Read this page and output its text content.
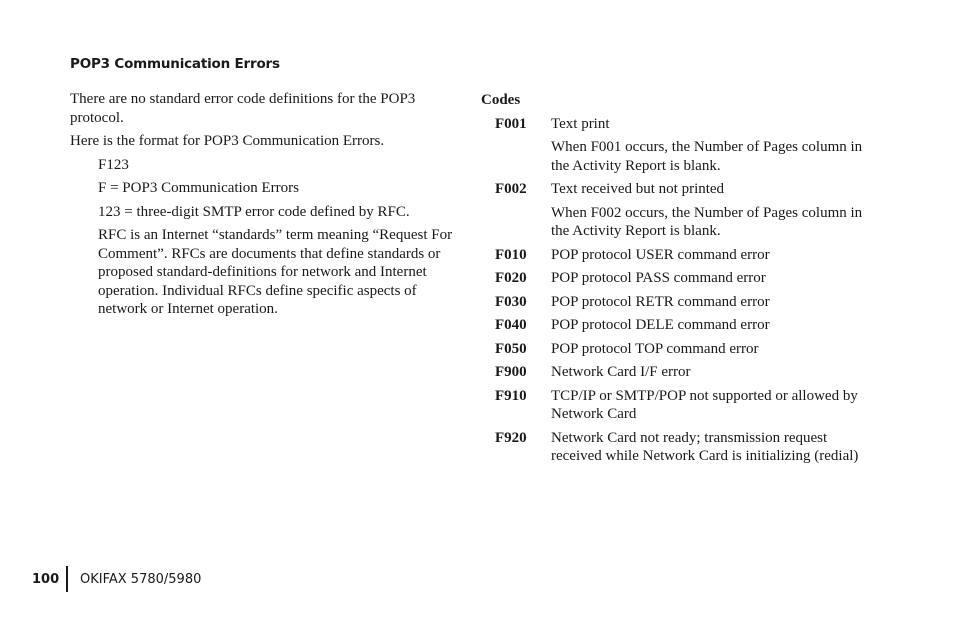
POP3 Communication Errors

There are no standard error code definitions for the POP3 protocol.

Here is the format for POP3 Communication Errors.

F123

F = POP3 Communication Errors

123 = three-digit SMTP error code defined by RFC.

RFC is an Internet “standards” term meaning “Request For Comment”. RFCs are documents that define standards or proposed standard-definitions for network and Internet operation. Individual RFCs define specific aspects of network or Internet operation.

Codes
F001	Text print
When F001 occurs, the Number of Pages column in the Activity Report is blank.
F002	Text received but not printed
When F002 occurs, the Number of Pages column in the Activity Report is blank.
F010	POP protocol USER command error
F020	POP protocol PASS command error
F030	POP protocol RETR command error
F040	POP protocol DELE command error
F050	POP protocol TOP command error
F900	Network Card I/F error
F910	TCP/IP or SMTP/POP not supported or allowed by Network Card
F920	Network Card not ready; transmission request received while Network Card is initializing (redial)
100	OKIFAX 5780/5980
